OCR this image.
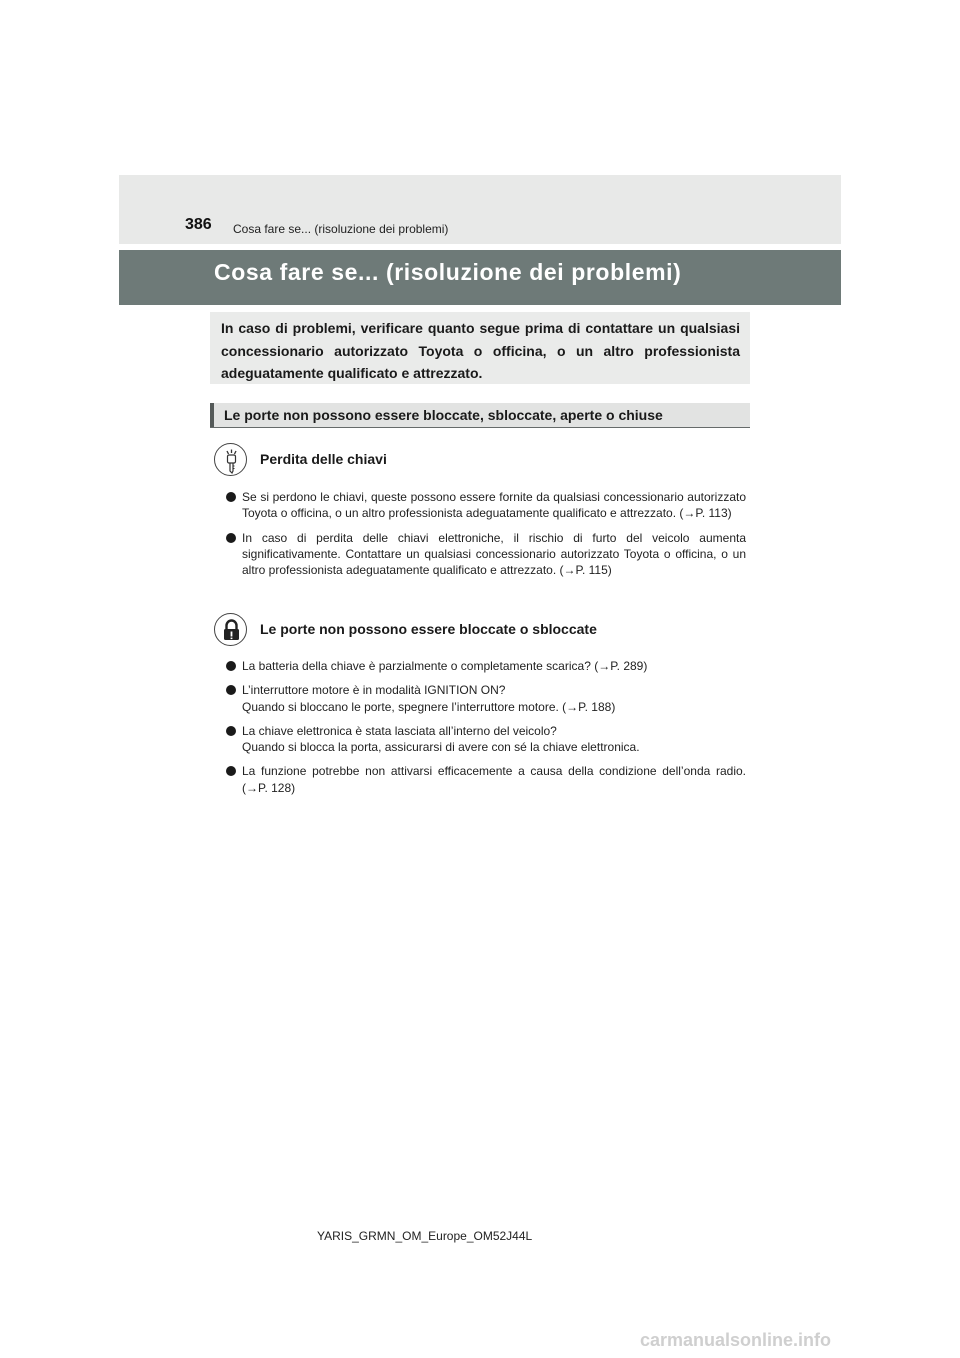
386 Cosa fare se... (risoluzione dei problemi)
Cosa fare se... (risoluzione dei problemi)

In caso di problemi, verificare quanto segue prima di contattare un qualsiasi concessionario autorizzato Toyota o officina, o un altro professionista adeguatamente qualificato e attrezzato.

Le porte non possono essere bloccate, sbloccate, aperte o chiuse
Perdita delle chiavi
Se si perdono le chiavi, queste possono essere fornite da qualsiasi concessionario autorizzato Toyota o officina, o un altro professionista adeguatamente qualificato e attrezzato. (→P. 113)
In caso di perdita delle chiavi elettroniche, il rischio di furto del veicolo aumenta significativamente. Contattare un qualsiasi concessionario autorizzato Toyota o officina, o un altro professionista adeguatamente qualificato e attrezzato. (→P. 115)
Le porte non possono essere bloccate o sbloccate
La batteria della chiave è parzialmente o completamente scarica? (→P. 289)
L’interruttore motore è in modalità IGNITION ON?
Quando si bloccano le porte, spegnere l’interruttore motore. (→P. 188)
La chiave elettronica è stata lasciata all’interno del veicolo?
Quando si blocca la porta, assicurarsi di avere con sé la chiave elettronica.
La funzione potrebbe non attivarsi efficacemente a causa della condizione dell’onda radio. (→P. 128)
YARIS_GRMN_OM_Europe_OM52J44L
carmanualsonline.info
